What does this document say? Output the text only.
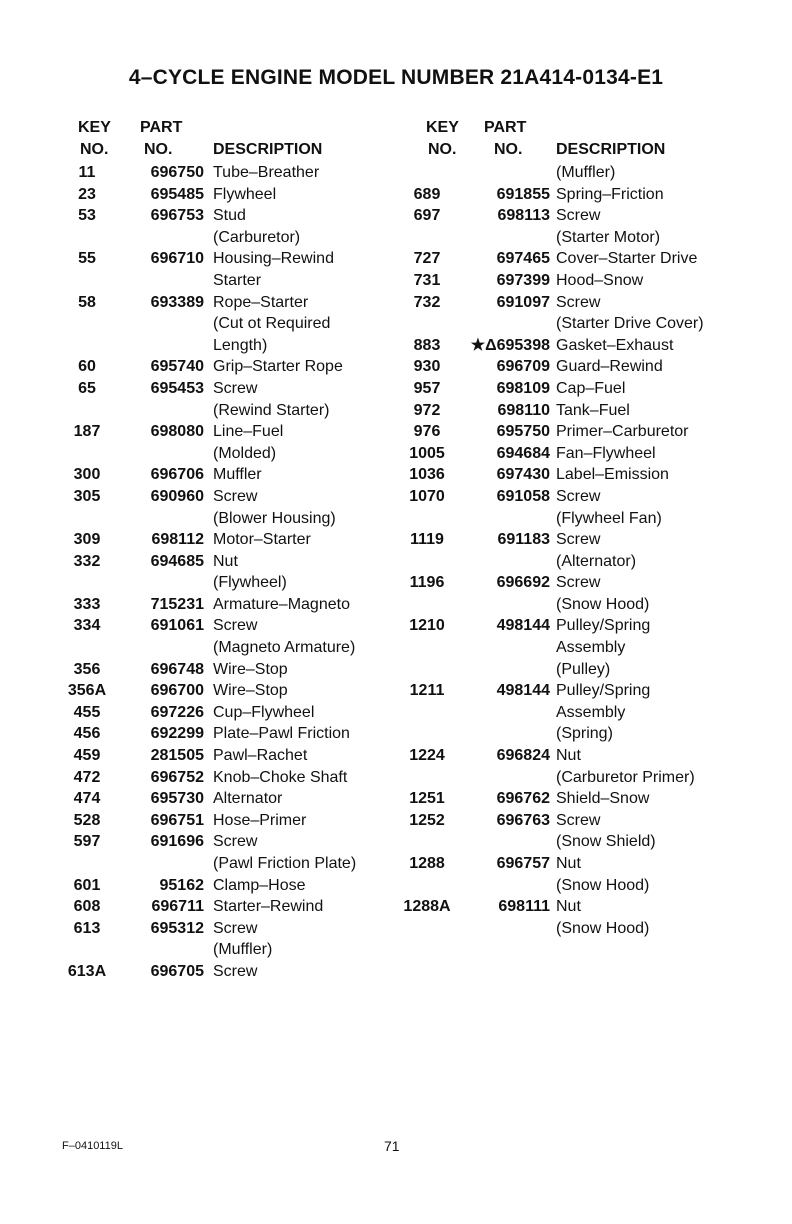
4–CYCLE ENGINE MODEL NUMBER 21A414-0134-E1
KEY
NO.
PART
NO.	DESCRIPTION
11	696750 Tube–Breather
23	695485 Flywheel
53	696753 Stud
(Carburetor)
55	696710 Housing–Rewind
Starter
58	693389 Rope–Starter
(Cut ot Required
Length)
60	695740 Grip–Starter Rope
65	695453 Screw
(Rewind Starter)
187	698080 Line–Fuel
(Molded)
300	696706 Muffler
305	690960 Screw
(Blower Housing)
309	698112 Motor–Starter
332	694685 Nut
(Flywheel)
333	715231 Armature–Magneto
334	691061 Screw
(Magneto Armature)
356	696748 Wire–Stop
356A	696700 Wire–Stop
455	697226 Cup–Flywheel
456	692299 Plate–Pawl Friction
459	281505 Pawl–Rachet
472	696752 Knob–Choke Shaft
474	695730 Alternator
528	696751 Hose–Primer
597	691696 Screw
(Pawl Friction Plate)
601	95162 Clamp–Hose
608	696711 Starter–Rewind
613	695312 Screw
(Muffler)
613A	696705 Screw
KEY
NO.
PART
NO. DESCRIPTION
(Muffler)
689	691855 Spring–Friction
697	698113 Screw
(Starter Motor)
727	697465 Cover–Starter Drive
731	697399 Hood–Snow
732	691097 Screw
(Starter Drive Cover)
883	★Δ695398 Gasket–Exhaust
930	696709 Guard–Rewind
957	698109 Cap–Fuel
972	698110 Tank–Fuel
976	695750 Primer–Carburetor
1005	694684 Fan–Flywheel
1036	697430 Label–Emission
1070	691058 Screw
(Flywheel Fan)
1119	691183 Screw
(Alternator)
1196	696692 Screw
(Snow Hood)
1210	498144 Pulley/Spring
Assembly
(Pulley)
1211	498144 Pulley/Spring
Assembly
(Spring)
1224	696824 Nut
(Carburetor Primer)
1251	696762 Shield–Snow
1252	696763 Screw
(Snow Shield)
1288	696757 Nut
(Snow Hood)
1288A	698111 Nut
(Snow Hood)
F–0410119L	71
